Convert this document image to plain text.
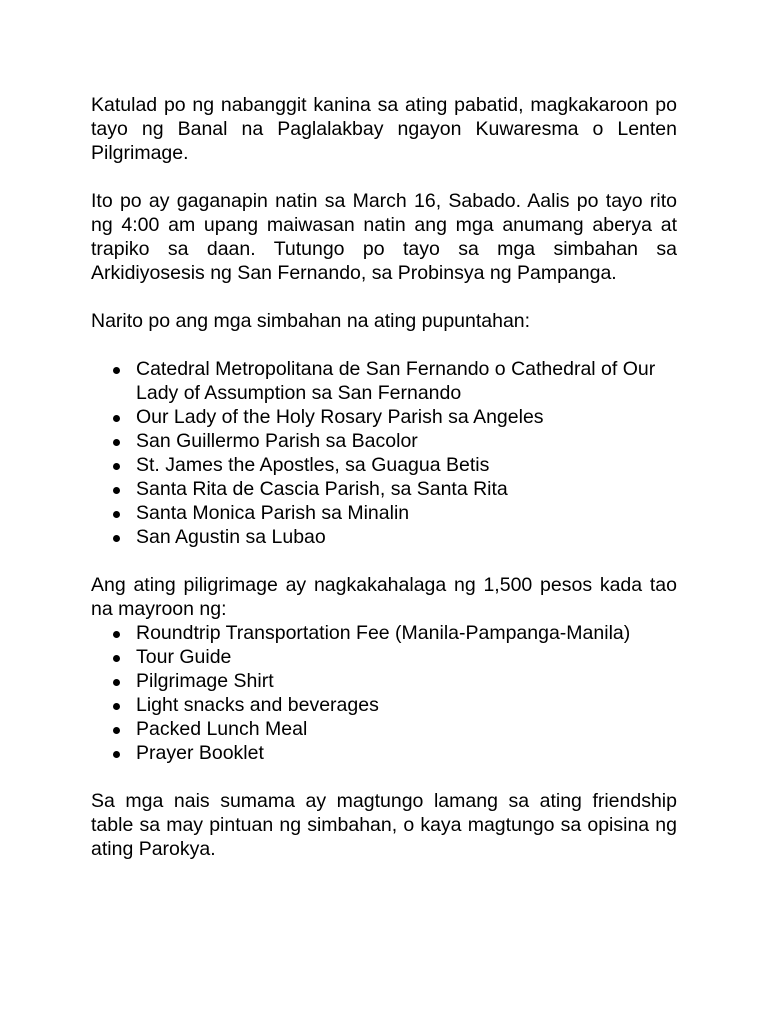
Katulad po ng nabanggit kanina sa ating pabatid, magkakaroon po tayo ng Banal na Paglalakbay ngayon Kuwaresma o Lenten Pilgrimage.

Ito po ay gaganapin natin sa March 16, Sabado. Aalis po tayo rito ng 4:00 am upang maiwasan natin ang mga anumang aberya at trapiko sa daan. Tutungo po tayo sa mga simbahan sa Arkidiyosesis ng San Fernando, sa Probinsya ng Pampanga.

Narito po ang mga simbahan na ating pupuntahan:

Catedral Metropolitana de San Fernando o Cathedral of Our Lady of Assumption sa San Fernando
Our Lady of the Holy Rosary Parish sa Angeles
San Guillermo Parish sa Bacolor
St. James the Apostles, sa Guagua Betis
Santa Rita de Cascia Parish, sa Santa Rita
Santa Monica Parish sa Minalin
San Agustin sa Lubao

Ang ating piligrimage ay nagkakahalaga ng 1,500 pesos kada tao na mayroon ng:

Roundtrip Transportation Fee (Manila-Pampanga-Manila)
Tour Guide
Pilgrimage Shirt
Light snacks and beverages
Packed Lunch Meal
Prayer Booklet

Sa mga nais sumama ay magtungo lamang sa ating friendship table sa may pintuan ng simbahan, o kaya magtungo sa opisina ng ating Parokya.
